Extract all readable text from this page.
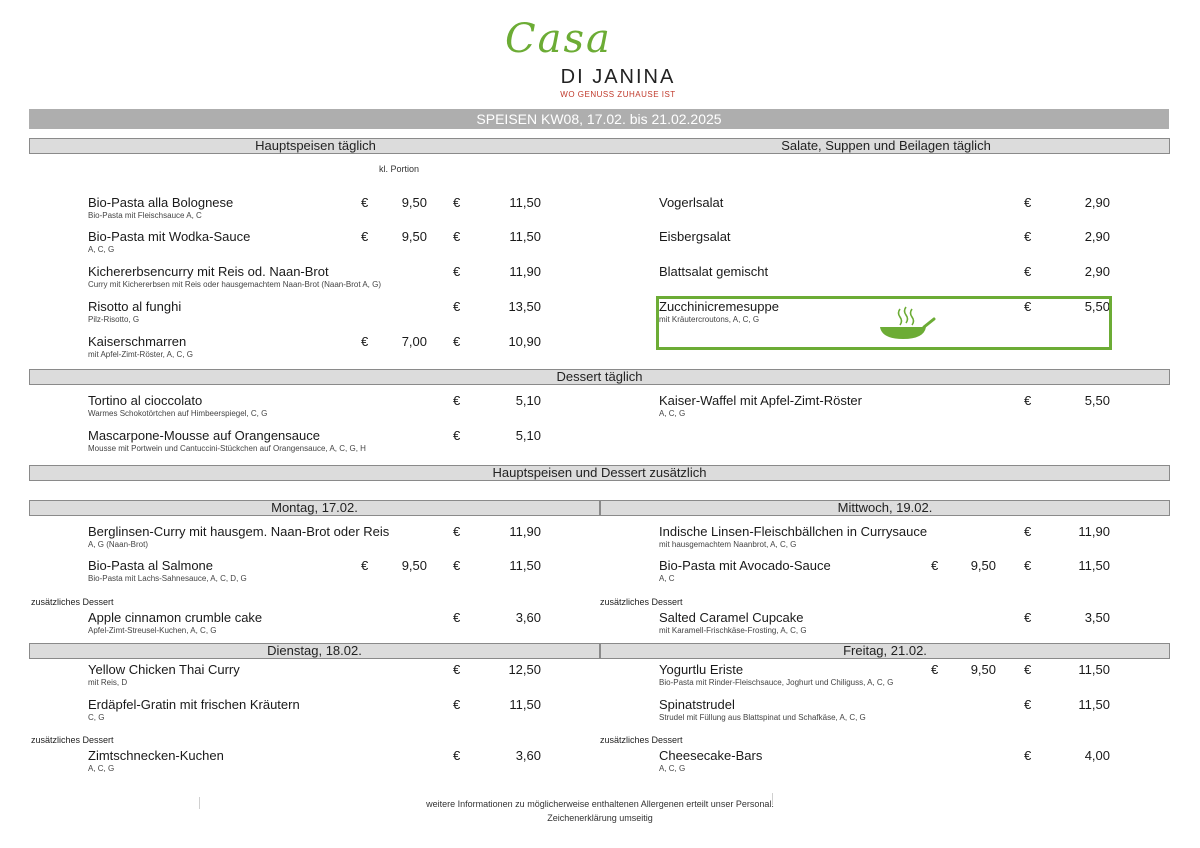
Casa
DI JANINA
WO GENUSS ZUHAUSE IST
SPEISEN KW08, 17.02. bis 21.02.2025
Hauptspeisen täglich	Salate, Suppen und Beilagen täglich
kl. Portion
Bio-Pasta alla Bolognese
Bio-Pasta mit Fleischsauce A, C
€	9,50 €	11,50
Bio-Pasta mit Wodka-Sauce
A, C, G
€	9,50 €	11,50
Kichererbsencurry mit Reis od. Naan-Brot
Curry mit Kichererbsen mit Reis oder hausgemachtem Naan-Brot (Naan-Brot A, G)
€	11,90
Risotto al funghi
Pilz-Risotto, G
€	13,50
Kaiserschmarren
mit Apfel-Zimt-Röster, A, C, G
€	7,00 €	10,90
Vogerlsalat	€	2,90
Eisbergsalat	€	2,90
Blattsalat gemischt	€	2,90
Zucchinicremesuppe
mit Kräutercroutons, A, C, G
€	5,50
Dessert täglich
Tortino al cioccolato
Warmes Schokotörtchen auf Himbeerspiegel, C, G
€	5,10
Mascarpone-Mousse auf Orangensauce
Mousse mit Portwein und Cantuccini-Stückchen auf Orangensauce, A, C, G, H
€	5,10
Kaiser-Waffel mit Apfel-Zimt-Röster
A, C, G
€	5,50
Hauptspeisen und Dessert zusätzlich
Montag, 17.02.	Mittwoch, 19.02.
Berglinsen-Curry mit hausgem. Naan-Brot oder Reis
A, G (Naan-Brot)
€	11,90
Bio-Pasta al Salmone
Bio-Pasta mit Lachs-Sahnesauce, A, C, D, G
€	9,50 €	11,50
zusätzliches Dessert
Apple cinnamon crumble cake
Apfel-Zimt-Streusel-Kuchen, A, C, G
€	3,60
Indische Linsen-Fleischbällchen in Currysauce
mit hausgemachtem Naanbrot, A, C, G
€	11,90
Bio-Pasta mit Avocado-Sauce
A, C
€	9,50 €	11,50
zusätzliches Dessert
Salted Caramel Cupcake
mit Karamell-Frischkäse-Frosting, A, C, G
€	3,50
Dienstag, 18.02.	Freitag, 21.02.
Yellow Chicken Thai Curry
mit Reis, D
€	12,50
Erdäpfel-Gratin mit frischen Kräutern
C, G
€	11,50
zusätzliches Dessert
Zimtschnecken-Kuchen
A, C, G
€	3,60
Yogurtlu Eriste
Bio-Pasta mit Rinder-Fleischsauce, Joghurt und Chiliguss, A, C, G
€	9,50 €	11,50
Spinatstrudel
Strudel mit Füllung aus Blattspinat und Schafkäse, A, C, G
€	11,50
zusätzliches Dessert
Cheesecake-Bars
A, C, G
€	4,00
weitere Informationen zu möglicherweise enthaltenen Allergenen erteilt unser Personal.
Zeichenerklärung umseitig
